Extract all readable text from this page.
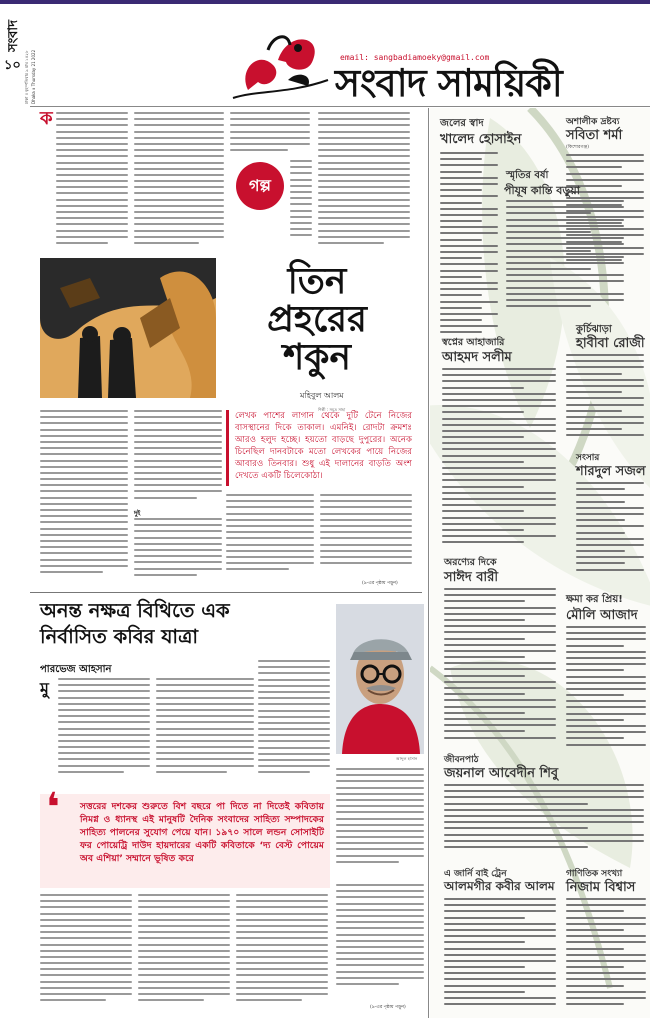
সংবাদ
১০ ঢাকা ॥ বৃহস্পতিবার ৯ মাঘ ১৪২৮ Dhaka ॥ Thursday 21 2022
ক
email: sangbadiamoeky@gmail.com
সংবাদ সাময়িকী
গল্প
তিন
প্রহরের
শকুন
মহিবুল আলম
শিল্পী : সমুদ্র সাহা
দুই
লেখক পাশের লাগান থেকে দুটি টেনে নিজের বাসস্থানের দিকে তাকাল। এমনিই। রোদটা ক্রমশঃ আরও হলুদ হচ্ছে। হয়তো বাড়ছে দুপুরের। অনেক চিনেছিল দানবটাকে মতো লেখকের পায়ে নিজের আবারও তিনবার। শুধু এই দালানের বাড়তি অংশ দেখতে একটি চিলেকোঠা।
(৯-এর পৃষ্ঠায় পড়ুন)
অনন্ত নক্ষত্র বিথিতে এক
নির্বাসিত কবির যাত্রা
পারভেজ আহসান
মু
আব্দুল হাসান
❛ সত্তরের দশকের শুরুতে বিশ বছরে পা দিতে না দিতেই কবিতায় নিমগ্ন ও ধ্যানস্থ এই মানুষটি দৈনিক সংবাদের সাহিত্য সম্পাদকের সাহিত্য পালনের সুযোগ পেয়ে যান। ১৯৭০ সালে লন্ডন সোসাইটি ফর পোয়েট্রি দাউদ হায়দারের একটি কবিতাকে ‘দ্য বেস্ট পোয়েম অব এশিয়া’ সম্মানে ভূষিত করে
(৯-এর পৃষ্ঠায় পড়ুন)
জলের স্বাদ
খালেদ হোসাইন
অশালীক দ্রষ্টব্য
সবিতা শর্মা
(কিশোরগঞ্জ)
স্মৃতির বর্ষা
পীযূষ কান্তি বড়ুয়া
স্বপ্নের আহাজারি
আহমদ সলীম
কুর্চিঝাড়া
হাবীবা রোজী
সংসার
শারদুল সজল
অরণ্যের দিকে
সাঈদ বারী
ক্ষমা কর প্রিয়!
মৌলি আজাদ
জীবনপাঠ
জয়নাল আবেদীন শিবু
এ জার্নি বাই ট্রেন
আলমগীর কবীর আলম
গাণিতিক সংখ্যা
নিজাম বিশ্বাস
